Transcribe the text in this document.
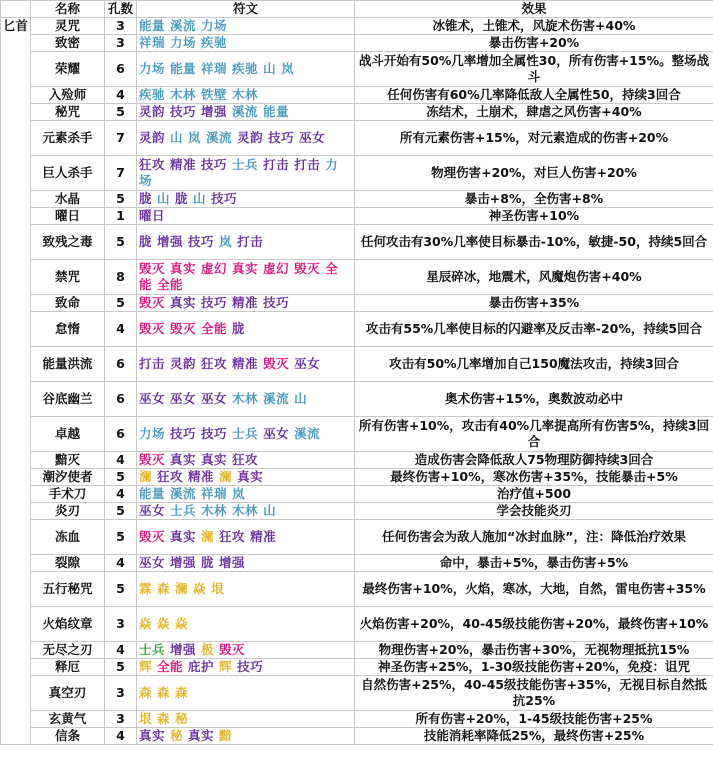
	名称	孔数	符文	效果
匕首	灵咒	3	能量 溪流 力场	冰锥术，土锥术，风旋术伤害+40%
	致密	3	祥瑞 力场 疾驰	暴击伤害+20%
	荣耀	6	力场 能量 祥瑞 疾驰 山 岚	战斗开始有50%几率增加全属性30，所有伤害+15%。整场战斗
	入殓师	4	疾驰 木林 铁壁 木林	任何伤害有60%几率降低敌人全属性50，持续3回合
	秘咒	5	灵韵 技巧 增强 溪流 能量	冻结术，土崩术，肆虐之风伤害+40%
	元素杀手	7	灵韵 山 岚 溪流 灵韵 技巧 巫女	所有元素伤害+15%，对元素造成的伤害+20%
	巨人杀手	7	狂攻 精准 技巧 士兵 打击 打击 力场	物理伤害+20%，对巨人伤害+20%
	水晶	5	胧 山 胧 山 技巧	暴击+8%，全伤害+8%
	曜日	1	曜日	神圣伤害+10%
	致残之毒	5	胧 增强 技巧 岚 打击	任何攻击有30%几率使目标暴击-10%，敏捷-50，持续5回合
	禁咒	8	毁灭 真实 虚幻 真实 虚幻 毁灭 全能 全能	星辰碎冰，地震术，风魔炮伤害+40%
	致命	5	毁灭 真实 技巧 精准 技巧	暴击伤害+35%
	怠惰	4	毁灭 毁灭 全能 胧	攻击有55%几率使目标的闪避率及反击率-20%，持续5回合
	能量洪流	6	打击 灵韵 狂攻 精准 毁灭 巫女	攻击有50%几率增加自己150魔法攻击，持续3回合
	谷底幽兰	6	巫女 巫女 巫女 木林 溪流 山	奥术伤害+15%，奥数波动必中
	卓越	6	力场 技巧 技巧 士兵 巫女 溪流	所有伤害+10%，攻击有40%几率提高所有伤害5%，持续3回合
	黯灭	4	毁灭 真实 真实 狂攻	造成伤害会降低敌人75物理防御持续3回合
	潮汐使者	5	澜 狂攻 精准 澜 真实	最终伤害+10%，寒冰伤害+35%，技能暴击+5%
	手术刀	4	能量 溪流 祥瑞 岚	治疗值+500
	炎刃	5	巫女 士兵 木林 木林 山	学会技能炎刃
	冻血	5	毁灭 真实 澜 狂攻 精准	任何伤害会为敌人施加“冰封血脉”，注：降低治疗效果
	裂隙	4	巫女 增强 胧 增强	命中，暴击+5%，暴击伤害+5%
	五行秘咒	5	霖 森 澜 焱 垠	最终伤害+10%，火焰，寒冰，大地，自然，雷电伤害+35%
	火焰纹章	3	焱 焱 焱	火焰伤害+20%，40-45级技能伤害+20%，最终伤害+10%
	无尽之刃	4	士兵 增强 极 毁灭	物理伤害+20%，暴击伤害+30%，无视物理抵抗15%
	释厄	5	辉 全能 庇护 辉 技巧	神圣伤害+25%，1-30级技能伤害+20%，免疫：诅咒
	真空刃	3	森 森 森	自然伤害+25%，40-45级技能伤害+35%，无视目标自然抵抗25%
	玄黄气	3	垠 森 秘	所有伤害+20%，1-45级技能伤害+25%
	信条	4	真实 秘 真实 黯	技能消耗率降低25%，最终伤害+25%
